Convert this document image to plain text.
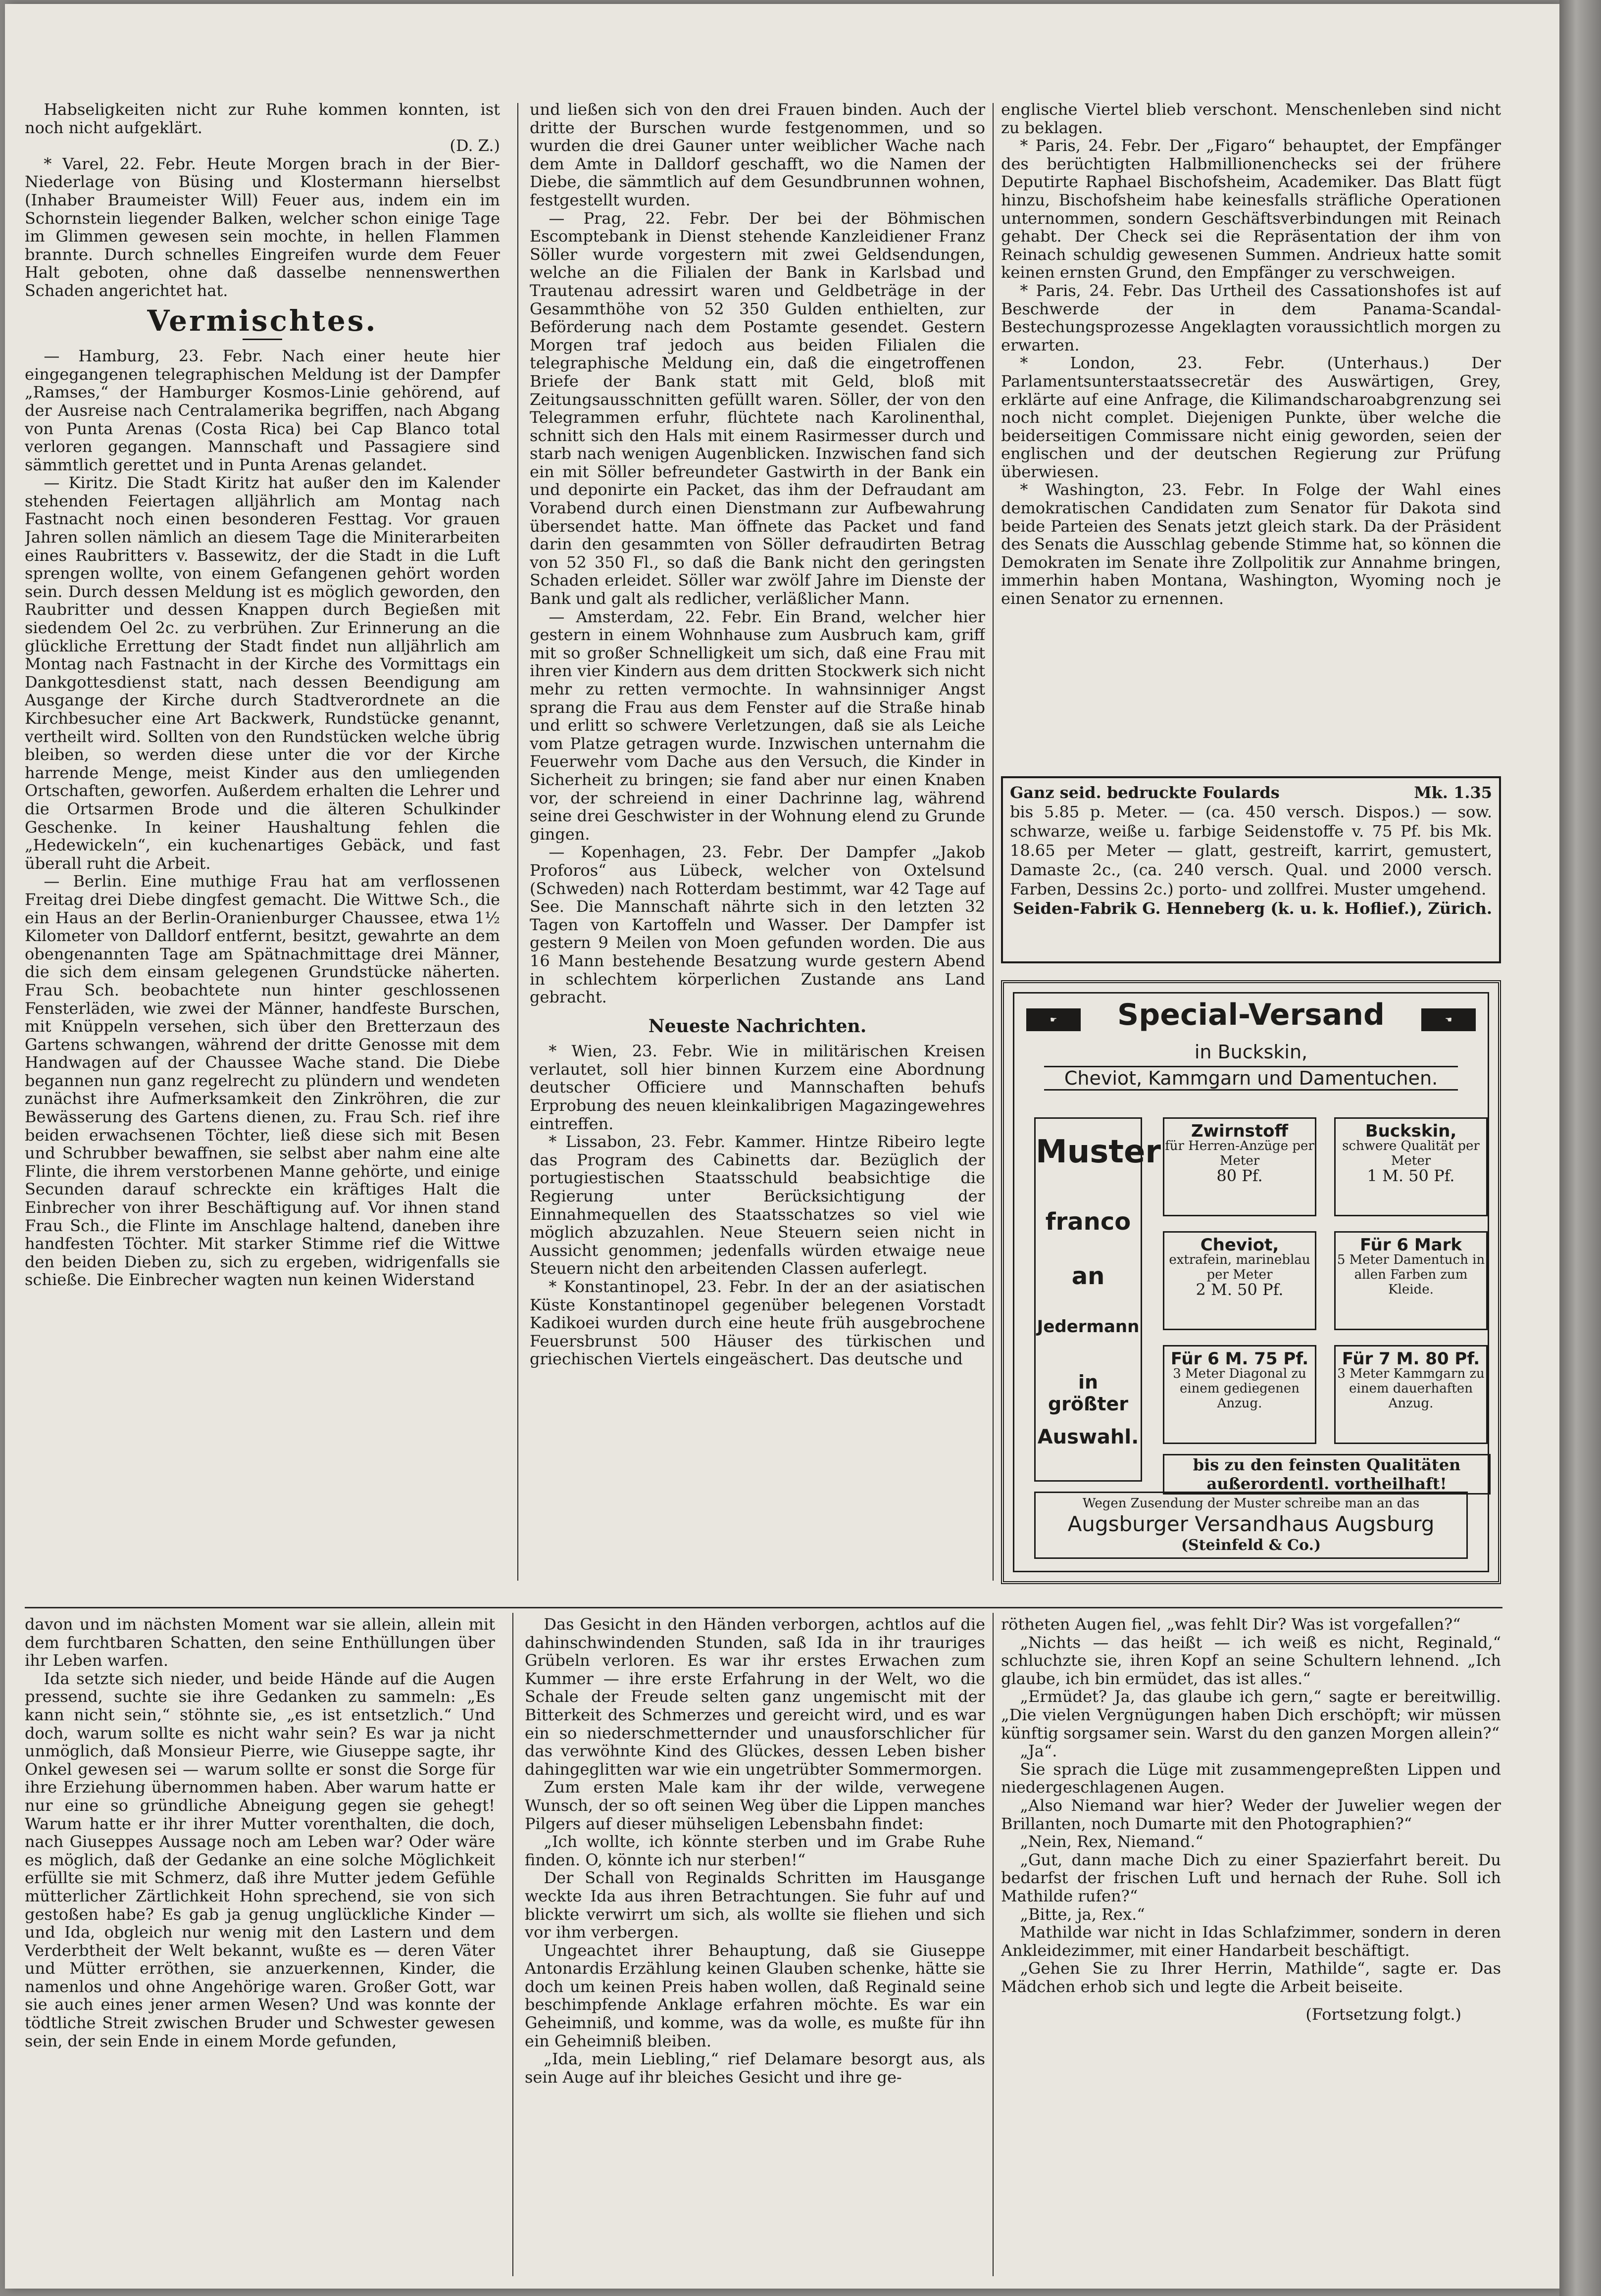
Habseligkeiten nicht zur Ruhe kommen konnten, ist noch nicht aufgeklärt.

(D. Z.)

* Varel, 22. Febr. Heute Morgen brach in der Bier-Niederlage von Büsing und Klostermann hierselbst (Inhaber Braumeister Will) Feuer aus, indem ein im Schornstein liegender Balken, welcher schon einige Tage im Glimmen gewesen sein mochte, in hellen Flammen brannte. Durch schnelles Eingreifen wurde dem Feuer Halt geboten, ohne daß dasselbe nennenswerthen Schaden angerichtet hat.

Vermischtes.

— Hamburg, 23. Febr. Nach einer heute hier eingegangenen telegraphischen Meldung ist der Dampfer „Ramses,“ der Hamburger Kosmos-Linie gehörend, auf der Ausreise nach Centralamerika begriffen, nach Abgang von Punta Arenas (Costa Rica) bei Cap Blanco total verloren gegangen. Mannschaft und Passagiere sind sämmtlich gerettet und in Punta Arenas gelandet.

— Kiritz. Die Stadt Kiritz hat außer den im Kalender stehenden Feiertagen alljährlich am Montag nach Fastnacht noch einen besonderen Festtag. Vor grauen Jahren sollen nämlich an diesem Tage die Miniterarbeiten eines Raubritters v. Bassewitz, der die Stadt in die Luft sprengen wollte, von einem Gefangenen gehört worden sein. Durch dessen Meldung ist es möglich geworden, den Raubritter und dessen Knappen durch Begießen mit siedendem Oel 2c. zu verbrühen. Zur Erinnerung an die glückliche Errettung der Stadt findet nun alljährlich am Montag nach Fastnacht in der Kirche des Vormittags ein Dankgottesdienst statt, nach dessen Beendigung am Ausgange der Kirche durch Stadtverordnete an die Kirchbesucher eine Art Backwerk, Rundstücke genannt, vertheilt wird. Sollten von den Rundstücken welche übrig bleiben, so werden diese unter die vor der Kirche harrende Menge, meist Kinder aus den umliegenden Ortschaften, geworfen. Außerdem erhalten die Lehrer und die Ortsarmen Brode und die älteren Schulkinder Geschenke. In keiner Haushaltung fehlen die „Hedewickeln“, ein kuchenartiges Gebäck, und fast überall ruht die Arbeit.

— Berlin. Eine muthige Frau hat am verflossenen Freitag drei Diebe dingfest gemacht. Die Wittwe Sch., die ein Haus an der Berlin-Oranienburger Chaussee, etwa 1½ Kilometer von Dalldorf entfernt, besitzt, gewahrte an dem obengenannten Tage am Spätnachmittage drei Männer, die sich dem einsam gelegenen Grundstücke näherten. Frau Sch. beobachtete nun hinter geschlossenen Fensterläden, wie zwei der Männer, handfeste Burschen, mit Knüppeln versehen, sich über den Bretterzaun des Gartens schwangen, während der dritte Genosse mit dem Handwagen auf der Chaussee Wache stand. Die Diebe begannen nun ganz regelrecht zu plündern und wendeten zunächst ihre Aufmerksamkeit den Zinkröhren, die zur Bewässerung des Gartens dienen, zu. Frau Sch. rief ihre beiden erwachsenen Töchter, ließ diese sich mit Besen und Schrubber bewaffnen, sie selbst aber nahm eine alte Flinte, die ihrem verstorbenen Manne gehörte, und einige Secunden darauf schreckte ein kräftiges Halt die Einbrecher von ihrer Beschäftigung auf. Vor ihnen stand Frau Sch., die Flinte im Anschlage haltend, daneben ihre handfesten Töchter. Mit starker Stimme rief die Wittwe den beiden Dieben zu, sich zu ergeben, widrigenfalls sie schieße. Die Einbrecher wagten nun keinen Widerstand

und ließen sich von den drei Frauen binden. Auch der dritte der Burschen wurde festgenommen, und so wurden die drei Gauner unter weiblicher Wache nach dem Amte in Dalldorf geschafft, wo die Namen der Diebe, die sämmtlich auf dem Gesundbrunnen wohnen, festgestellt wurden.

— Prag, 22. Febr. Der bei der Böhmischen Escomptebank in Dienst stehende Kanzleidiener Franz Söller wurde vorgestern mit zwei Geldsendungen, welche an die Filialen der Bank in Karlsbad und Trautenau adressirt waren und Geldbeträge in der Gesammthöhe von 52 350 Gulden enthielten, zur Beförderung nach dem Postamte gesendet. Gestern Morgen traf jedoch aus beiden Filialen die telegraphische Meldung ein, daß die eingetroffenen Briefe der Bank statt mit Geld, bloß mit Zeitungsausschnitten gefüllt waren. Söller, der von den Telegrammen erfuhr, flüchtete nach Karolinenthal, schnitt sich den Hals mit einem Rasirmesser durch und starb nach wenigen Augenblicken. Inzwischen fand sich ein mit Söller befreundeter Gastwirth in der Bank ein und deponirte ein Packet, das ihm der Defraudant am Vorabend durch einen Dienstmann zur Aufbewahrung übersendet hatte. Man öffnete das Packet und fand darin den gesammten von Söller defraudirten Betrag von 52 350 Fl., so daß die Bank nicht den geringsten Schaden erleidet. Söller war zwölf Jahre im Dienste der Bank und galt als redlicher, verläßlicher Mann.

— Amsterdam, 22. Febr. Ein Brand, welcher hier gestern in einem Wohnhause zum Ausbruch kam, griff mit so großer Schnelligkeit um sich, daß eine Frau mit ihren vier Kindern aus dem dritten Stockwerk sich nicht mehr zu retten vermochte. In wahnsinniger Angst sprang die Frau aus dem Fenster auf die Straße hinab und erlitt so schwere Verletzungen, daß sie als Leiche vom Platze getragen wurde. Inzwischen unternahm die Feuerwehr vom Dache aus den Versuch, die Kinder in Sicherheit zu bringen; sie fand aber nur einen Knaben vor, der schreiend in einer Dachrinne lag, während seine drei Geschwister in der Wohnung elend zu Grunde gingen.

— Kopenhagen, 23. Febr. Der Dampfer „Jakob Proforos“ aus Lübeck, welcher von Oxtelsund (Schweden) nach Rotterdam bestimmt, war 42 Tage auf See. Die Mannschaft nährte sich in den letzten 32 Tagen von Kartoffeln und Wasser. Der Dampfer ist gestern 9 Meilen von Moen gefunden worden. Die aus 16 Mann bestehende Besatzung wurde gestern Abend in schlechtem körperlichen Zustande ans Land gebracht.

Neueste Nachrichten.

* Wien, 23. Febr. Wie in militärischen Kreisen verlautet, soll hier binnen Kurzem eine Abordnung deutscher Officiere und Mannschaften behufs Erprobung des neuen kleinkalibrigen Magazingewehres eintreffen.

* Lissabon, 23. Febr. Kammer. Hintze Ribeiro legte das Program des Cabinetts dar. Bezüglich der portugiestischen Staatsschuld beabsichtige die Regierung unter Berücksichtigung der Einnahmequellen des Staatsschatzes so viel wie möglich abzuzahlen. Neue Steuern seien nicht in Aussicht genommen; jedenfalls würden etwaige neue Steuern nicht den arbeitenden Classen auferlegt.

* Konstantinopel, 23. Febr. In der an der asiatischen Küste Konstantinopel gegenüber belegenen Vorstadt Kadikoei wurden durch eine heute früh ausgebrochene Feuersbrunst 500 Häuser des türkischen und griechischen Viertels eingeäschert. Das deutsche und

englische Viertel blieb verschont. Menschenleben sind nicht zu beklagen.

* Paris, 24. Febr. Der „Figaro“ behauptet, der Empfänger des berüchtigten Halbmillionenchecks sei der frühere Deputirte Raphael Bischofsheim, Academiker. Das Blatt fügt hinzu, Bischofsheim habe keinesfalls sträfliche Operationen unternommen, sondern Geschäftsverbindungen mit Reinach gehabt. Der Check sei die Repräsentation der ihm von Reinach schuldig gewesenen Summen. Andrieux hatte somit keinen ernsten Grund, den Empfänger zu verschweigen.

* Paris, 24. Febr. Das Urtheil des Cassationshofes ist auf Beschwerde der in dem Panama-Scandal-Bestechungsprozesse Angeklagten voraussichtlich morgen zu erwarten.

* London, 23. Febr. (Unterhaus.) Der Parlamentsunterstaatssecretär des Auswärtigen, Grey, erklärte auf eine Anfrage, die Kilimandscharoabgrenzung sei noch nicht complet. Diejenigen Punkte, über welche die beiderseitigen Commissare nicht einig geworden, seien der englischen und der deutschen Regierung zur Prüfung überwiesen.

* Washington, 23. Febr. In Folge der Wahl eines demokratischen Candidaten zum Senator für Dakota sind beide Parteien des Senats jetzt gleich stark. Da der Präsident des Senats die Ausschlag gebende Stimme hat, so können die Demokraten im Senate ihre Zollpolitik zur Annahme bringen, immerhin haben Montana, Washington, Wyoming noch je einen Senator zu ernennen.

Ganz seid. bedruckte Foulards	Mk. 1.35

bis 5.85 p. Meter. — (ca. 450 versch. Dispos.) — sow. schwarze, weiße u. farbige Seidenstoffe v. 75 Pf. bis Mk. 18.65 per Meter — glatt, gestreift, karrirt, gemustert, Damaste 2c., (ca. 240 versch. Qual. und 2000 versch. Farben, Dessins 2c.) porto- und zollfrei. Muster umgehend.

Seiden-Fabrik G. Henneberg (k. u. k. Hoflief.), Zürich.

☛	☚
Special-Versand
in Buckskin,
Cheviot, Kammgarn und Damentuchen.
Muster
franco
an
Jedermann
in größter
Auswahl.
Zwirnstoff
für Herren-Anzüge per Meter
80 Pf.
Buckskin,
schwere Qualität per Meter
1 M. 50 Pf.
Cheviot,
extrafein, marineblau per Meter
2 M. 50 Pf.
Für 6 Mark
5 Meter Damentuch in allen Farben zum Kleide.
Für 6 M. 75 Pf.
3 Meter Diagonal zu einem gediegenen Anzug.
Für 7 M. 80 Pf.
3 Meter Kammgarn zu einem dauerhaften Anzug.
bis zu den feinsten Qualitäten
außerordentl. vortheilhaft!
Wegen Zusendung der Muster schreibe man an das
Augsburger Versandhaus Augsburg
(Steinfeld & Co.)

davon und im nächsten Moment war sie allein, allein mit dem furchtbaren Schatten, den seine Enthüllungen über ihr Leben warfen.

Ida setzte sich nieder, und beide Hände auf die Augen pressend, suchte sie ihre Gedanken zu sammeln: „Es kann nicht sein,“ stöhnte sie, „es ist entsetzlich.“ Und doch, warum sollte es nicht wahr sein? Es war ja nicht unmöglich, daß Monsieur Pierre, wie Giuseppe sagte, ihr Onkel gewesen sei — warum sollte er sonst die Sorge für ihre Erziehung übernommen haben. Aber warum hatte er nur eine so gründliche Abneigung gegen sie gehegt! Warum hatte er ihr ihrer Mutter vorenthalten, die doch, nach Giuseppes Aussage noch am Leben war? Oder wäre es möglich, daß der Gedanke an eine solche Möglichkeit erfüllte sie mit Schmerz, daß ihre Mutter jedem Gefühle mütterlicher Zärtlichkeit Hohn sprechend, sie von sich gestoßen habe? Es gab ja genug unglückliche Kinder — und Ida, obgleich nur wenig mit den Lastern und dem Verderbtheit der Welt bekannt, wußte es — deren Väter und Mütter erröthen, sie anzuerkennen, Kinder, die namenlos und ohne Angehörige waren. Großer Gott, war sie auch eines jener armen Wesen? Und was konnte der tödtliche Streit zwischen Bruder und Schwester gewesen sein, der sein Ende in einem Morde gefunden,

Das Gesicht in den Händen verborgen, achtlos auf die dahinschwindenden Stunden, saß Ida in ihr trauriges Grübeln verloren. Es war ihr erstes Erwachen zum Kummer — ihre erste Erfahrung in der Welt, wo die Schale der Freude selten ganz ungemischt mit der Bitterkeit des Schmerzes und gereicht wird, und es war ein so niederschmetternder und unausforschlicher für das verwöhnte Kind des Glückes, dessen Leben bisher dahingeglitten war wie ein ungetrübter Sommermorgen.

Zum ersten Male kam ihr der wilde, verwegene Wunsch, der so oft seinen Weg über die Lippen manches Pilgers auf dieser mühseligen Lebensbahn findet:

„Ich wollte, ich könnte sterben und im Grabe Ruhe finden. O, könnte ich nur sterben!“

Der Schall von Reginalds Schritten im Hausgange weckte Ida aus ihren Betrachtungen. Sie fuhr auf und blickte verwirrt um sich, als wollte sie fliehen und sich vor ihm verbergen.

Ungeachtet ihrer Behauptung, daß sie Giuseppe Antonardis Erzählung keinen Glauben schenke, hätte sie doch um keinen Preis haben wollen, daß Reginald seine beschimpfende Anklage erfahren möchte. Es war ein Geheimniß, und komme, was da wolle, es mußte für ihn ein Geheimniß bleiben.

„Ida, mein Liebling,“ rief Delamare besorgt aus, als sein Auge auf ihr bleiches Gesicht und ihre ge-

rötheten Augen fiel, „was fehlt Dir? Was ist vorgefallen?“

„Nichts — das heißt — ich weiß es nicht, Reginald,“ schluchzte sie, ihren Kopf an seine Schultern lehnend. „Ich glaube, ich bin ermüdet, das ist alles.“

„Ermüdet? Ja, das glaube ich gern,“ sagte er bereitwillig. „Die vielen Vergnügungen haben Dich erschöpft; wir müssen künftig sorgsamer sein. Warst du den ganzen Morgen allein?“

„Ja“.

Sie sprach die Lüge mit zusammengepreßten Lippen und niedergeschlagenen Augen.

„Also Niemand war hier? Weder der Juwelier wegen der Brillanten, noch Dumarte mit den Photographien?“

„Nein, Rex, Niemand.“

„Gut, dann mache Dich zu einer Spazierfahrt bereit. Du bedarfst der frischen Luft und hernach der Ruhe. Soll ich Mathilde rufen?“

„Bitte, ja, Rex.“

Mathilde war nicht in Idas Schlafzimmer, sondern in deren Ankleidezimmer, mit einer Handarbeit beschäftigt.

„Gehen Sie zu Ihrer Herrin, Mathilde“, sagte er. Das Mädchen erhob sich und legte die Arbeit beiseite.

(Fortsetzung folgt.)
